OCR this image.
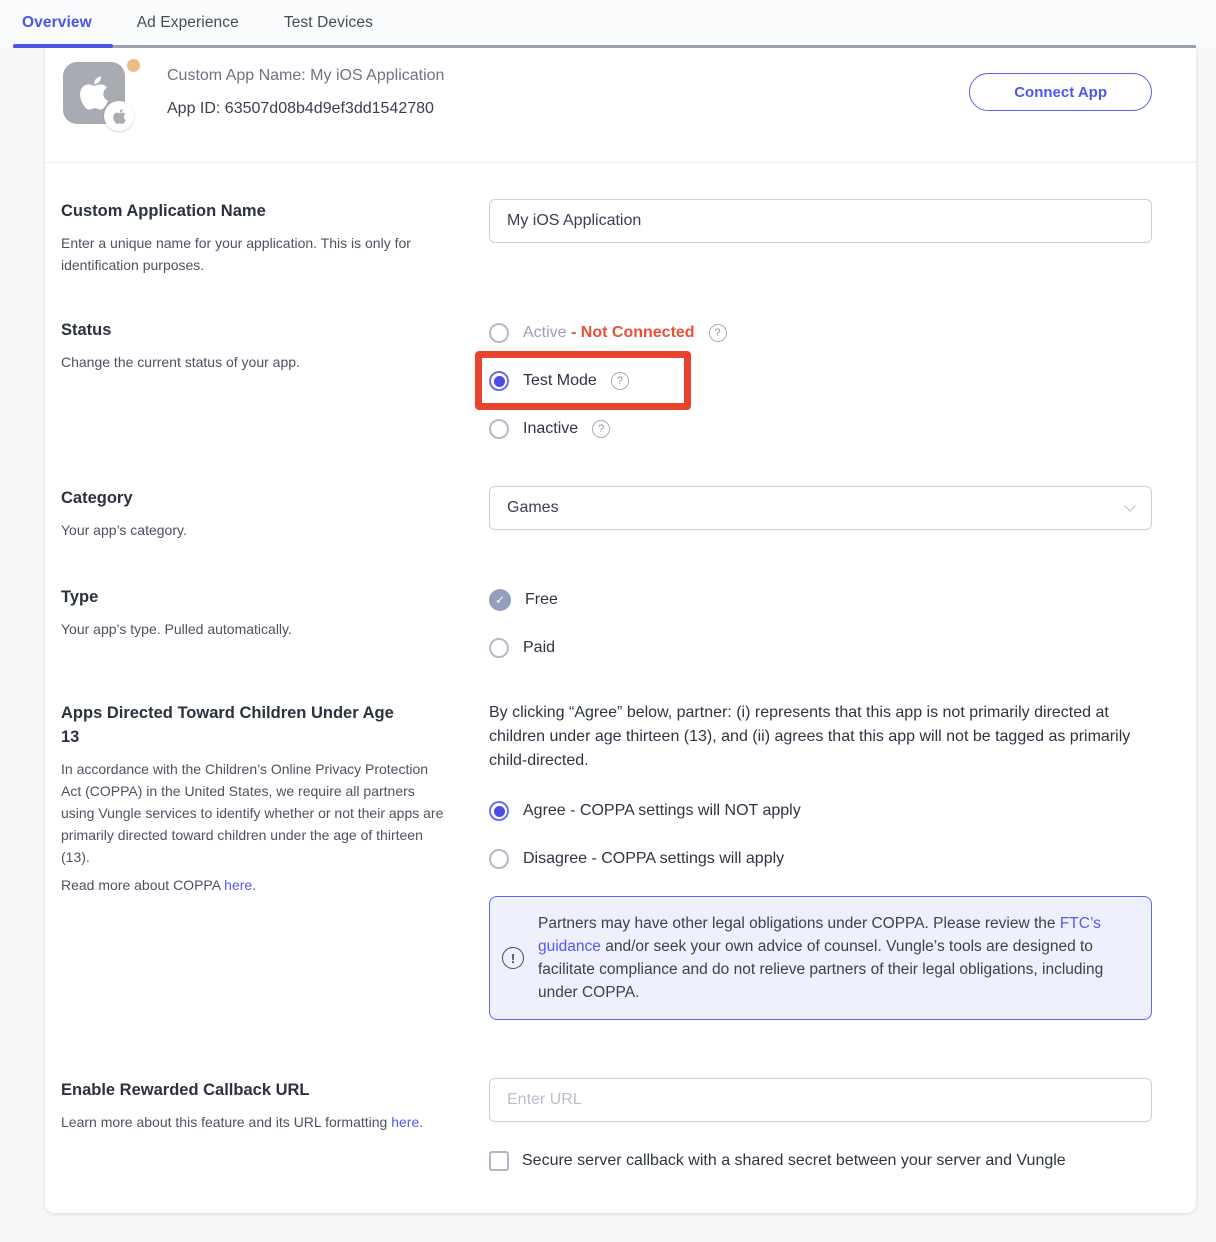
Overview	Ad Experience	Test Devices
Custom App Name: My iOS Application
App ID: 63507d08b4d9ef3dd1542780
Connect App
Custom Application Name
Enter a unique name for your application. This is only for identification purposes.
My iOS Application
Status
Change the current status of your app.
Active - Not Connected	?
Test Mode	?
Inactive	?
Category
Your app’s category.
Games
Type
Your app’s type. Pulled automatically.
✓	Free
Paid
Apps Directed Toward Children Under Age 13
In accordance with the Children’s Online Privacy Protection Act (COPPA) in the United States, we require all partners using Vungle services to identify whether or not their apps are primarily directed toward children under the age of thirteen (13).
Read more about COPPA here.
By clicking “Agree” below, partner: (i) represents that this app is not primarily directed at children under age thirteen (13), and (ii) agrees that this app will not be tagged as primarily child-directed.
Agree - COPPA settings will NOT apply
Disagree - COPPA settings will apply
!
Partners may have other legal obligations under COPPA. Please review the FTC’s guidance and/or seek your own advice of counsel. Vungle’s tools are designed to facilitate compliance and do not relieve partners of their legal obligations, including under COPPA.
Enable Rewarded Callback URL
Learn more about this feature and its URL formatting here.
Enter URL
Secure server callback with a shared secret between your server and Vungle
